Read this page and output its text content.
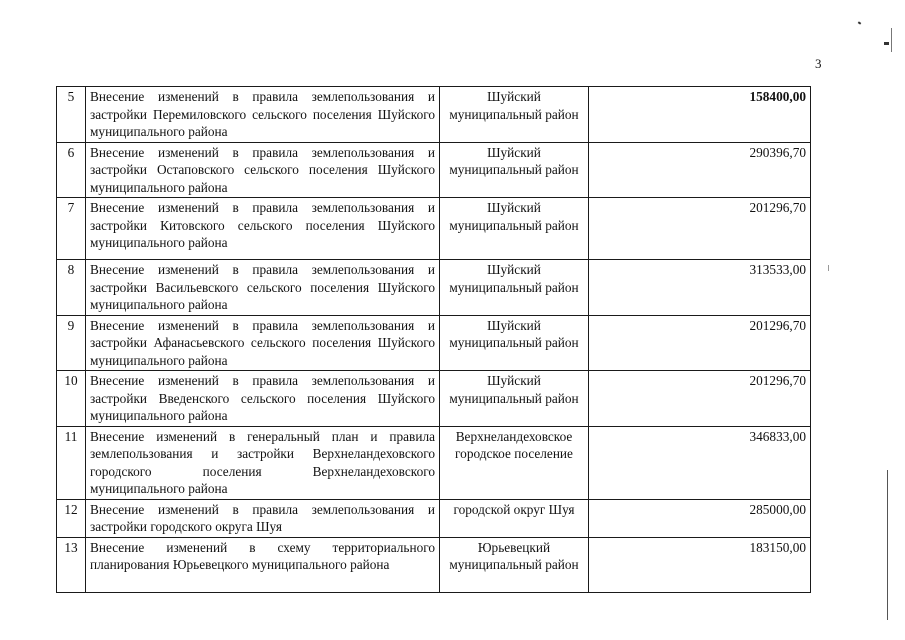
3
5	Внесение изменений в правила землепользования и застройки Перемиловского сельского поселения Шуйского муниципального района	Шуйский муниципальный район	158400,00
6	Внесение изменений в правила землепользования и застройки Остаповского сельского поселения Шуйского муниципального района	Шуйский муниципальный район	290396,70
7	Внесение изменений в правила землепользования и застройки Китовского сельского поселения Шуйского муниципального района	Шуйский муниципальный район	201296,70
8	Внесение изменений в правила землепользования и застройки Васильевского сельского поселения Шуйского муниципального района	Шуйский муниципальный район	313533,00
9	Внесение изменений в правила землепользования и застройки Афанасьевского сельского поселения Шуйского муниципального района	Шуйский муниципальный район	201296,70
10	Внесение изменений в правила землепользования и застройки Введенского сельского поселения Шуйского муниципального района	Шуйский муниципальный район	201296,70
11	Внесение изменений в генеральный план и правила землепользования и застройки Верхнеландеховского городского поселения Верхнеландеховского муниципального района	Верхнеландеховское городское поселение	346833,00
12	Внесение изменений в правила землепользования и застройки городского округа Шуя	городской округ Шуя	285000,00
13	Внесение изменений в схему территориального планирования Юрьевецкого муниципального района	Юрьевецкий муниципальный район	183150,00
